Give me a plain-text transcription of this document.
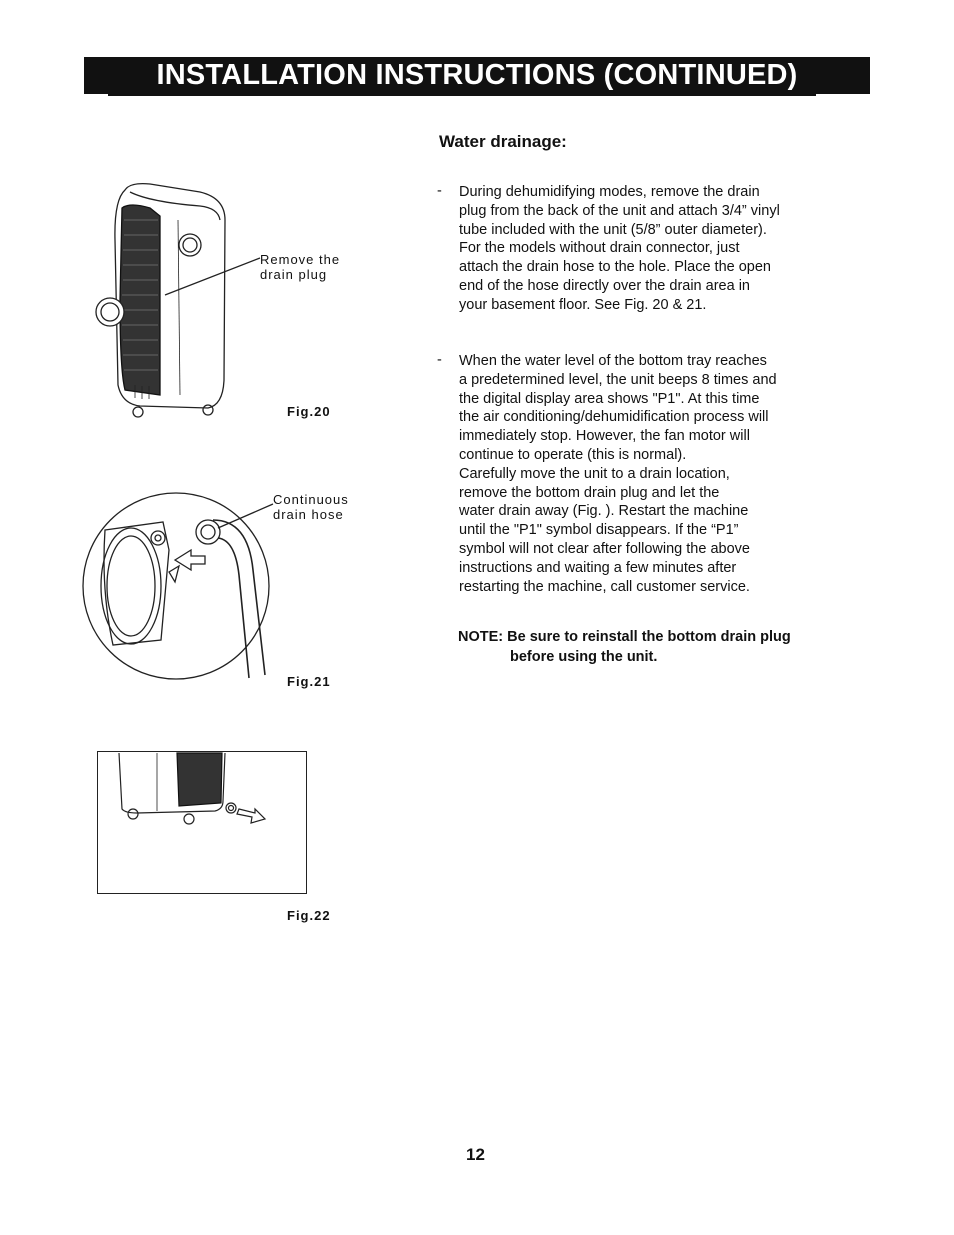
INSTALLATION INSTRUCTIONS (CONTINUED)
Water drainage:
- During dehumidifying modes, remove the drain
plug from the back of the unit and attach 3/4” vinyl
tube included with the unit (5/8” outer diameter).
For the models without drain connector, just
attach the drain hose to the hole. Place the open
end of the hose directly over the drain area in
your basement floor. See Fig. 20 & 21.
- When the water level of the bottom tray reaches
a predetermined level, the unit beeps 8 times and
the digital display area shows "P1". At this time
the air conditioning/dehumidification process will
immediately stop. However, the fan motor will
continue to operate (this is normal).
Carefully move the unit to a drain location,
remove the bottom drain plug and let the
water drain away (Fig. ). Restart the machine
until the "P1" symbol disappears. If the “P1”
symbol will not clear after following the above
instructions and waiting a few minutes after
restarting the machine, call customer service.
NOTE: Be sure to reinstall the bottom drain plug
before using the unit.
Remove the
drain plug
Fig.20
Continuous
drain hose
Fig.21
Fig.22
12
